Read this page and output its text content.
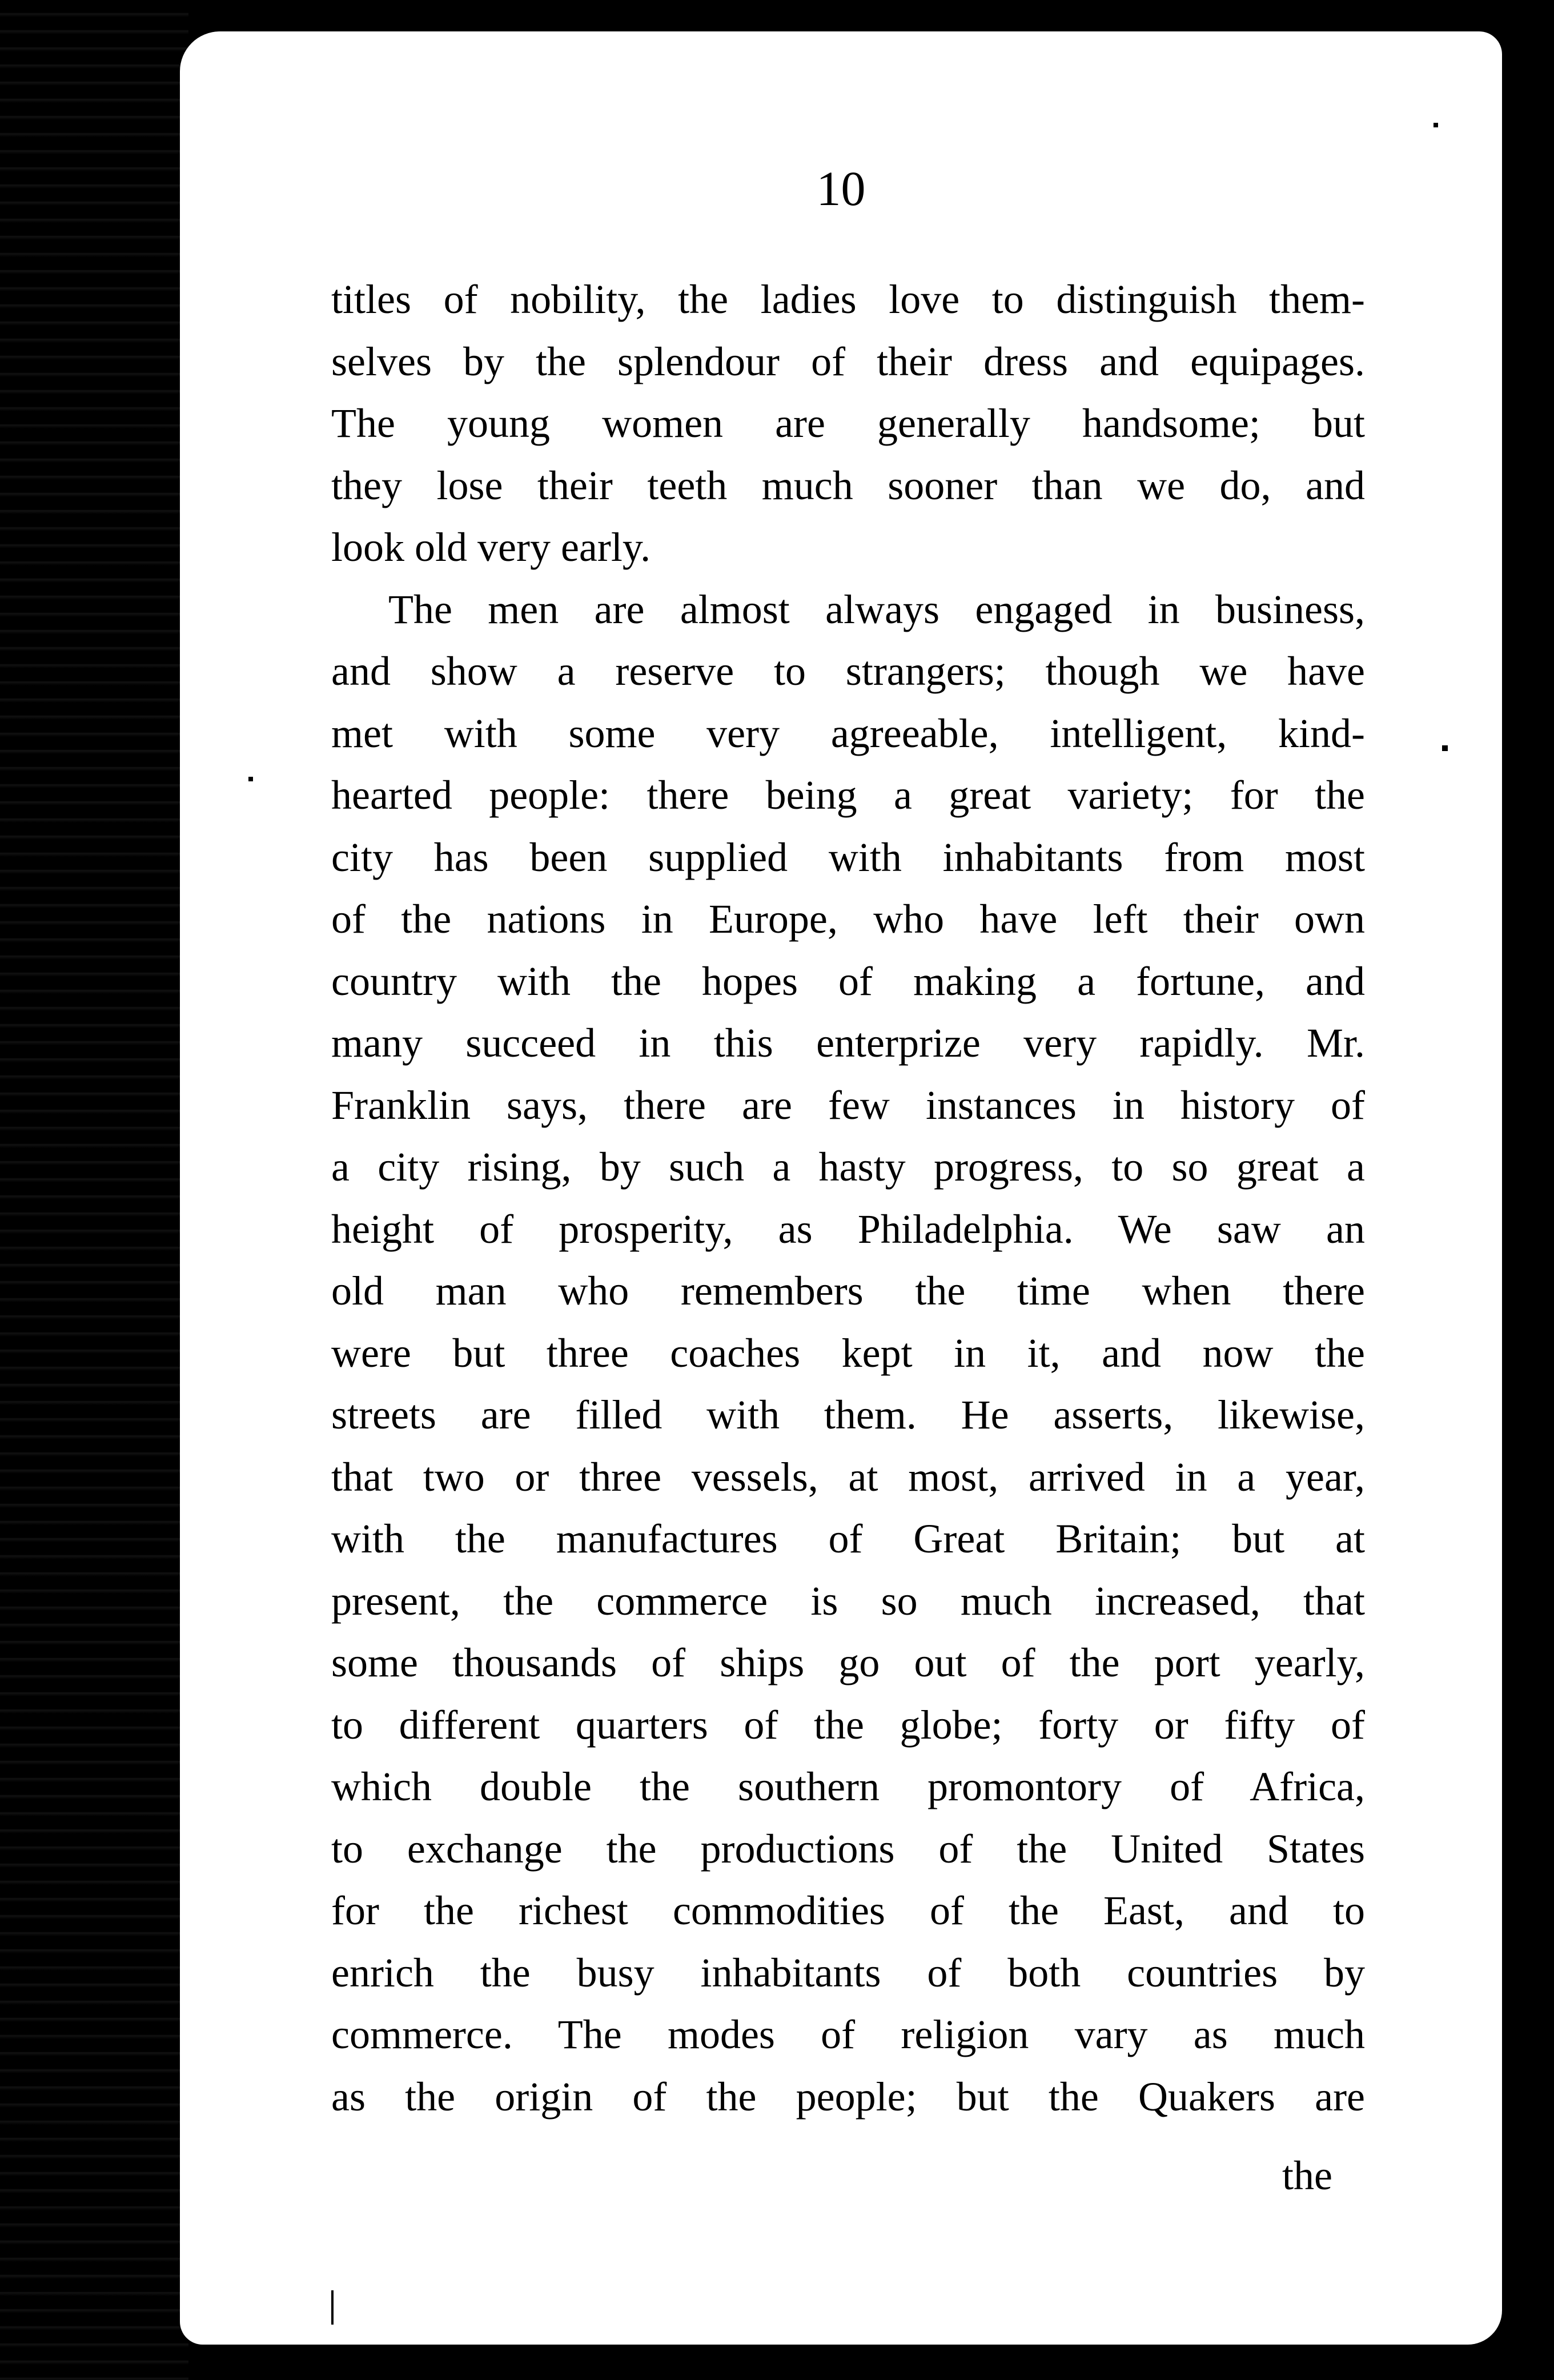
10
titles of nobility, the ladies love to distinguish them-
selves by the splendour of their dress and equipages.
The young women are generally handsome; but
they lose their teeth much sooner than we do, and
look old very early.
The men are almost always engaged in business,
and show a reserve to strangers; though we have
met with some very agreeable, intelligent, kind-
hearted people: there being a great variety; for the
city has been supplied with inhabitants from most
of the nations in Europe, who have left their own
country with the hopes of making a fortune, and
many succeed in this enterprize very rapidly. Mr.
Franklin says, there are few instances in history of
a city rising, by such a hasty progress, to so great a
height of prosperity, as Philadelphia. We saw an
old man who remembers the time when there
were but three coaches kept in it, and now the
streets are filled with them. He asserts, likewise,
that two or three vessels, at most, arrived in a year,
with the manufactures of Great Britain; but at
present, the commerce is so much increased, that
some thousands of ships go out of the port yearly,
to different quarters of the globe; forty or fifty of
which double the southern promontory of Africa,
to exchange the productions of the United States
for the richest commodities of the East, and to
enrich the busy inhabitants of both countries by
commerce. The modes of religion vary as much
as the origin of the people; but the Quakers are
the
